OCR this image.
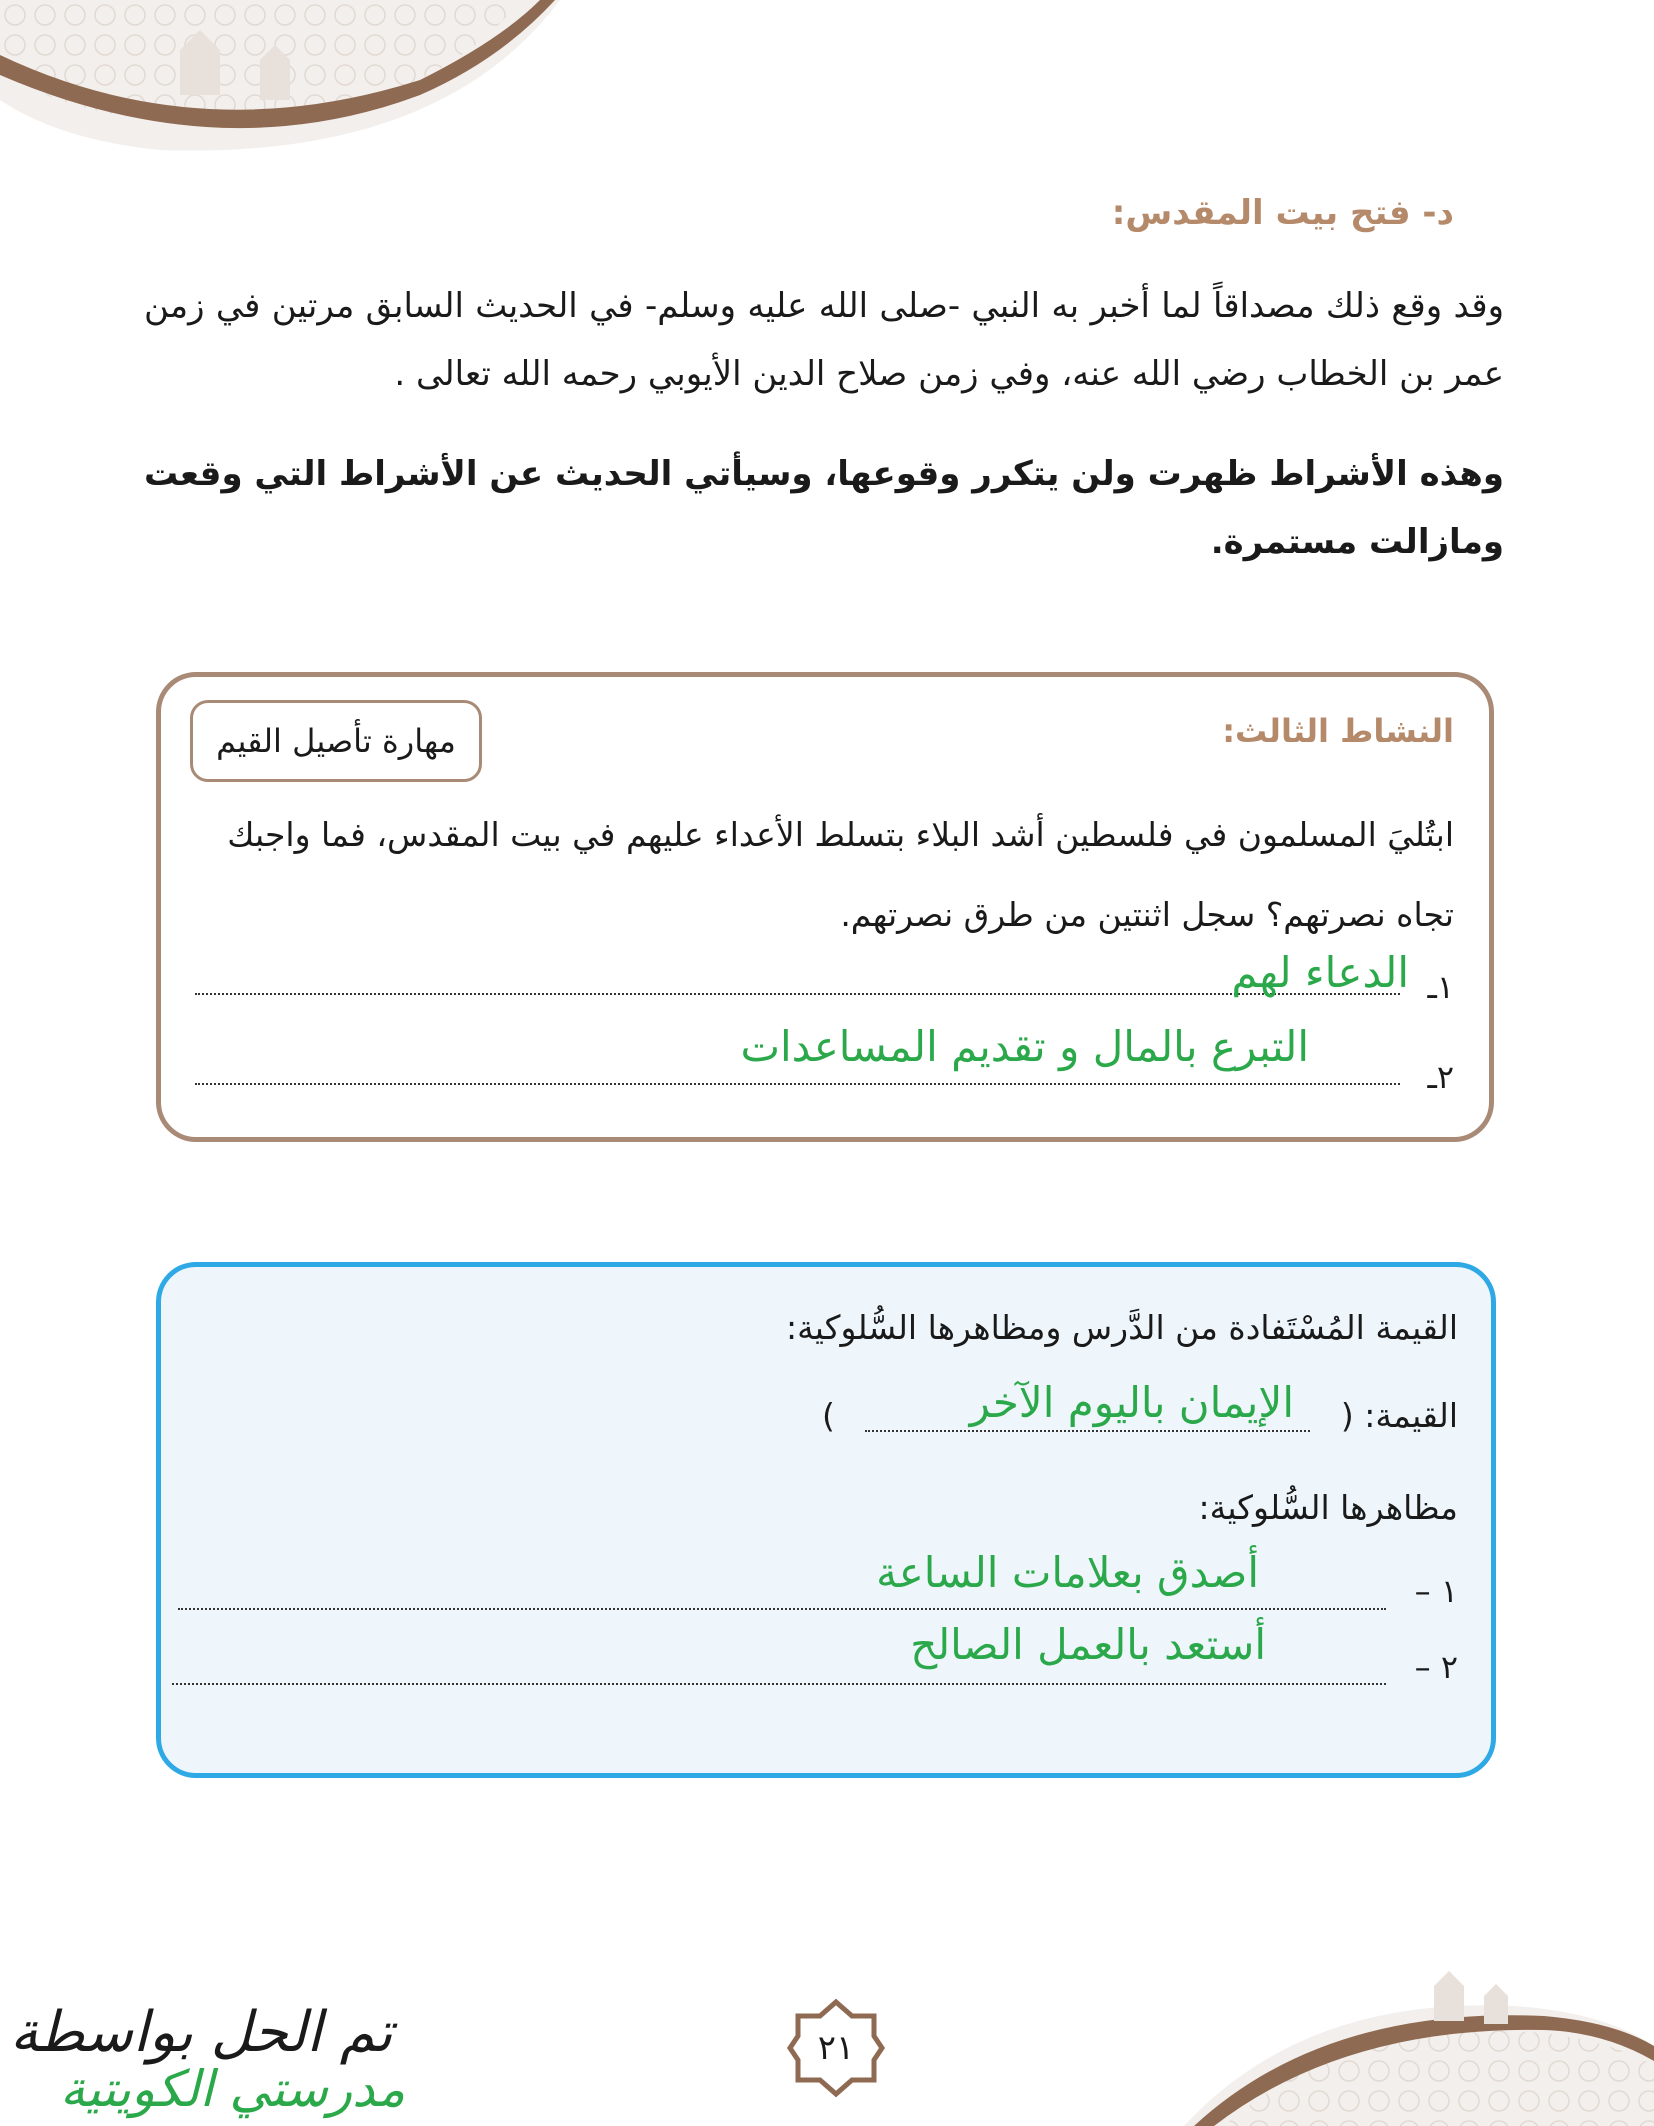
د- فتح بيت المقدس:
وقد وقع ذلك مصداقاً لما أخبر به النبي -صلى الله عليه وسلم- في الحديث السابق مرتين في زمن عمر بن الخطاب رضي الله عنه، وفي زمن صلاح الدين الأيوبي رحمه الله تعالى .
وهذه الأشراط ظهرت ولن يتكرر وقوعها، وسيأتي الحديث عن الأشراط التي وقعت ومازالت مستمرة.
النشاط الثالث:
مهارة تأصيل القيم
ابتُليَ المسلمون في فلسطين أشد البلاء بتسلط الأعداء عليهم في بيت المقدس، فما واجبك تجاه نصرتهم؟ سجل اثنتين من طرق نصرتهم.
١ـ
الدعاء لهم
٢ـ
التبرع بالمال و تقديم المساعدات
القيمة المُسْتَفادة من الدَّرس ومظاهرها السُّلوكية:
القيمة: (
)	الإيمان باليوم الآخر
مظاهرها السُّلوكية:
١ –
أصدق بعلامات الساعة
٢ –
أستعد بالعمل الصالح
تم الحل بواسطة
مدرستي الكويتية
٢١
